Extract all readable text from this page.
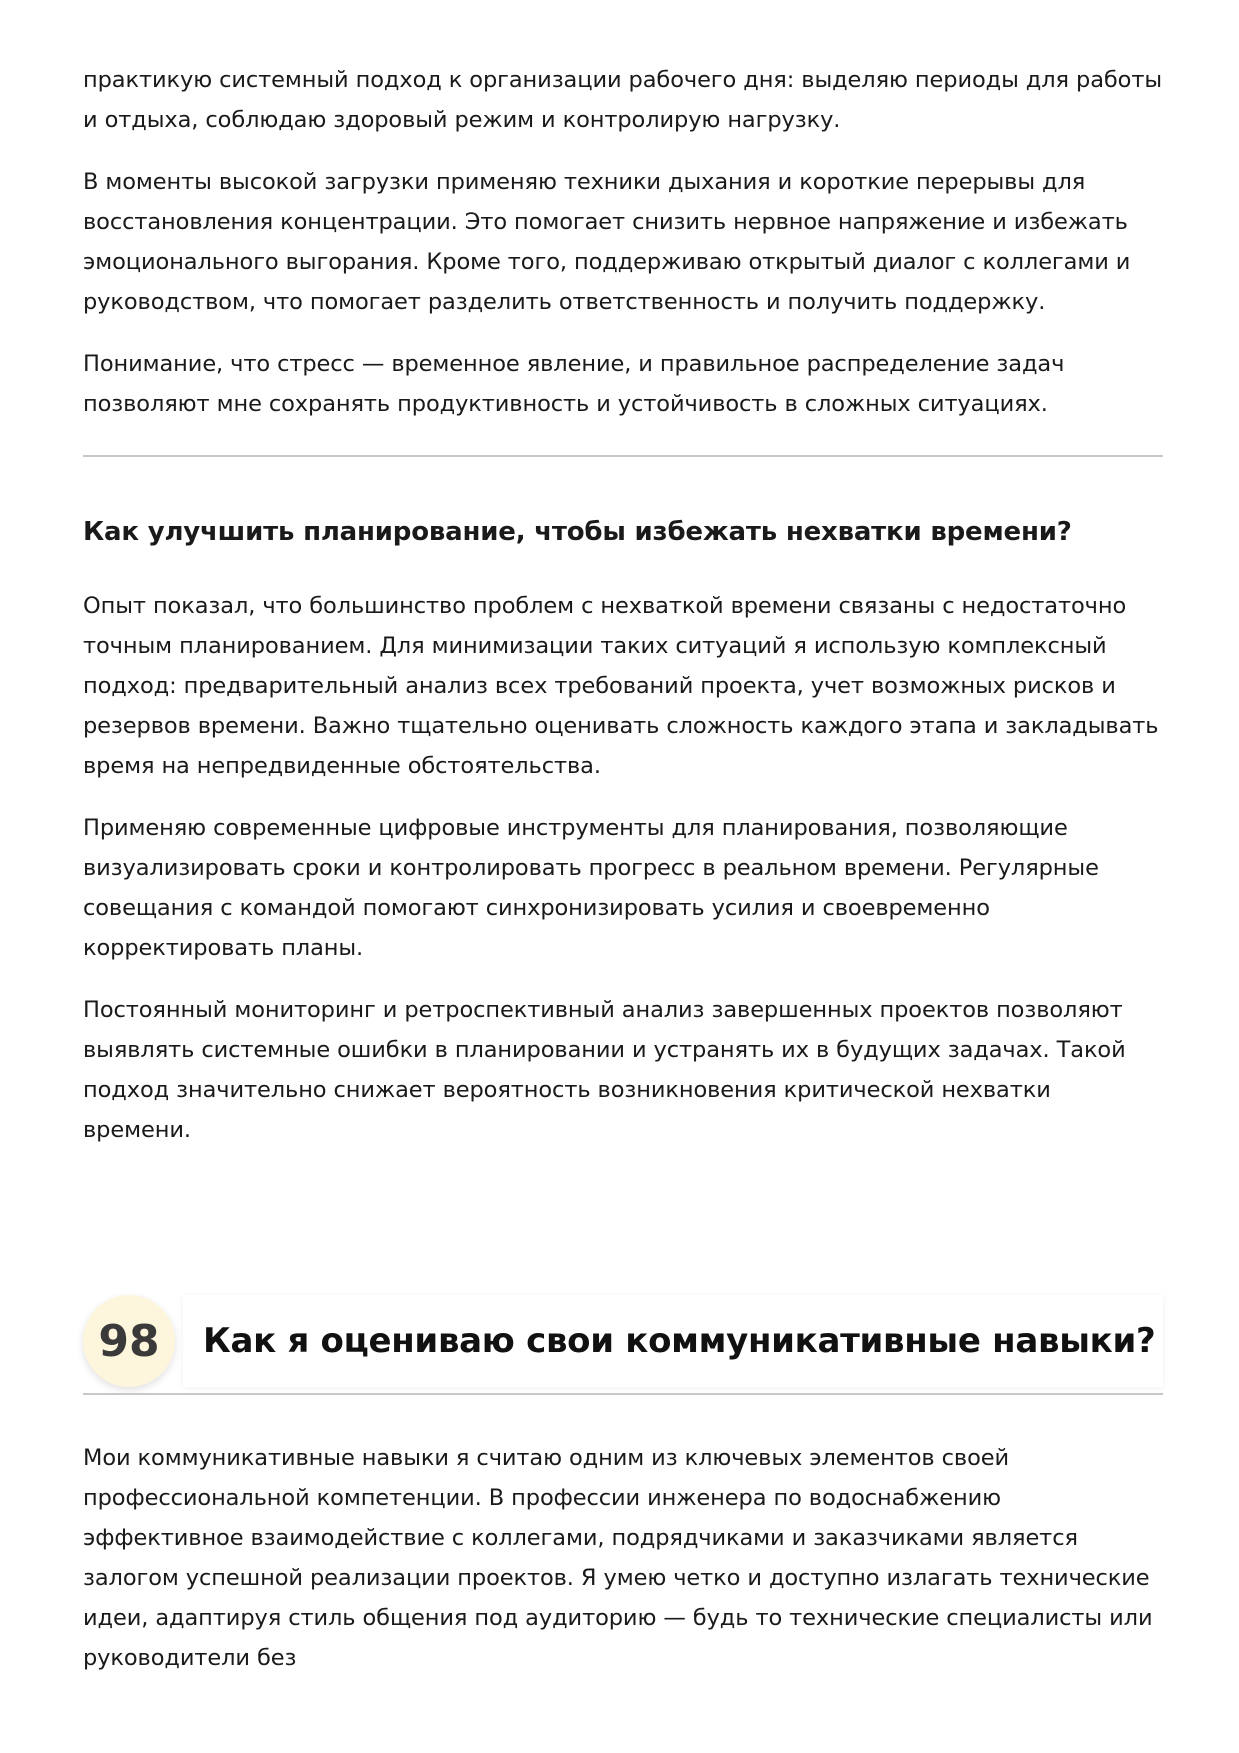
практикую системный подход к организации рабочего дня: выделяю периоды для работы и отдыха, соблюдаю здоровый режим и контролирую нагрузку.

В моменты высокой загрузки применяю техники дыхания и короткие перерывы для восстановления концентрации. Это помогает снизить нервное напряжение и избежать эмоционального выгорания. Кроме того, поддерживаю открытый диалог с коллегами и руководством, что помогает разделить ответственность и получить поддержку.

Понимание, что стресс — временное явление, и правильное распределение задач позволяют мне сохранять продуктивность и устойчивость в сложных ситуациях.

Как улучшить планирование, чтобы избежать нехватки времени?

Опыт показал, что большинство проблем с нехваткой времени связаны с недостаточно точным планированием. Для минимизации таких ситуаций я использую комплексный подход: предварительный анализ всех требований проекта, учет возможных рисков и резервов времени. Важно тщательно оценивать сложность каждого этапа и закладывать время на непредвиденные обстоятельства.

Применяю современные цифровые инструменты для планирования, позволяющие визуализировать сроки и контролировать прогресс в реальном времени. Регулярные совещания с командой помогают синхронизировать усилия и своевременно корректировать планы.

Постоянный мониторинг и ретроспективный анализ завершенных проектов позволяют выявлять системные ошибки в планировании и устранять их в будущих задачах. Такой подход значительно снижает вероятность возникновения критической нехватки времени.

98	Как я оцениваю свои коммуникативные навыки?

Мои коммуникативные навыки я считаю одним из ключевых элементов своей профессиональной компетенции. В профессии инженера по водоснабжению эффективное взаимодействие с коллегами, подрядчиками и заказчиками является залогом успешной реализации проектов. Я умею четко и доступно излагать технические идеи, адаптируя стиль общения под аудиторию — будь то технические специалисты или руководители без
